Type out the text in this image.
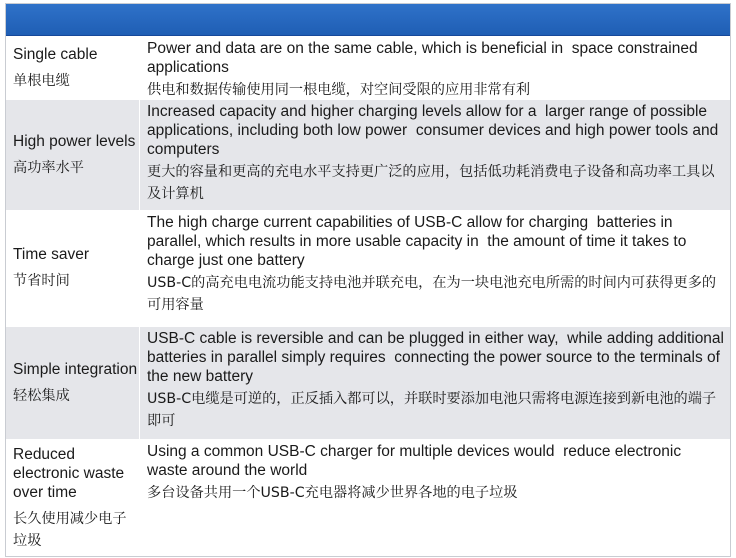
Single cable
单根电缆
Power and data are on the same cable, which is beneficial in  space constrained applications
供电和数据传输使用同一根电缆，对空间受限的应用非常有利
High power levels
高功率水平
Increased capacity and higher charging levels allow for a  larger range of possible applications, including both low power  consumer devices and high power tools and computers
更大的容量和更高的充电水平支持更广泛的应用，包括低功耗消费电子设备和高功率工具以及计算机
Time saver
节省时间
The high charge current capabilities of USB-C allow for charging  batteries in parallel, which results in more usable capacity in  the amount of time it takes to charge just one battery
USB-C的高充电电流功能支持电池并联充电，在为一块电池充电所需的时间内可获得更多的可用容量
Simple integration
轻松集成
USB-C cable is reversible and can be plugged in either way,  while adding additional batteries in parallel simply requires  connecting the power source to the terminals of the new battery
USB-C电缆是可逆的，正反插入都可以，并联时要添加电池只需将电源连接到新电池的端子即可
Reduced electronic waste over time
长久使用减少电子垃圾
Using a common USB-C charger for multiple devices would  reduce electronic waste around the world
多台设备共用一个USB-C充电器将减少世界各地的电子垃圾
